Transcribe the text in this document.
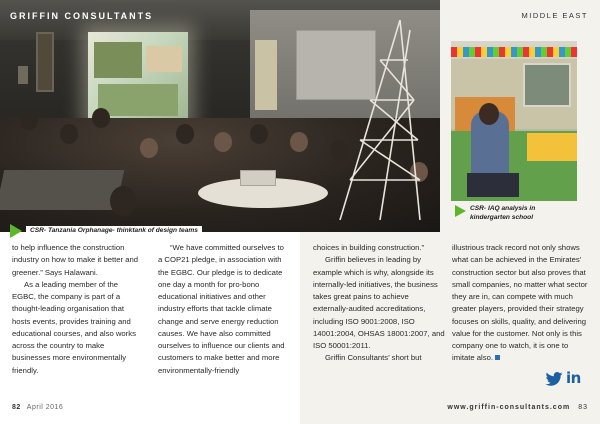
GRIFFIN CONSULTANTS
CSR- Tanzania Orphanage- thinktank of design teams
MIDDLE EAST
CSR- IAQ analysis in
kindergarten school

to help influence the construction industry on how to make it better and greener.” Says Halawani.

As a leading member of the EGBC, the company is part of a thought-leading organisation that hosts events, provides training and educational courses, and also works across the country to make businesses more environmentally friendly.

“We have committed ourselves to a COP21 pledge, in association with the EGBC. Our pledge is to dedicate one day a month for pro-bono educational initiatives and other industry efforts that tackle climate change and serve energy reduction causes. We have also committed ourselves to influence our clients and customers to make better and more environmentally-friendly

choices in building construction.”

Griffin believes in leading by example which is why, alongside its internally-led initiatives, the business takes great pains to achieve externally-audited accreditations, including ISO 9001:2008, ISO 14001:2004, OHSAS 18001:2007, and ISO 50001:2011.

Griffin Consultants’ short but

illustrious track record not only shows what can be achieved in the Emirates’ construction sector but also proves that small companies, no matter what sector they are in, can compete with much greater players, provided their strategy focuses on skills, quality, and delivering value for the customer. Not only is this company one to watch, it is one to imitate also.

in
82 April 2016	www.griffin-consultants.com 83
